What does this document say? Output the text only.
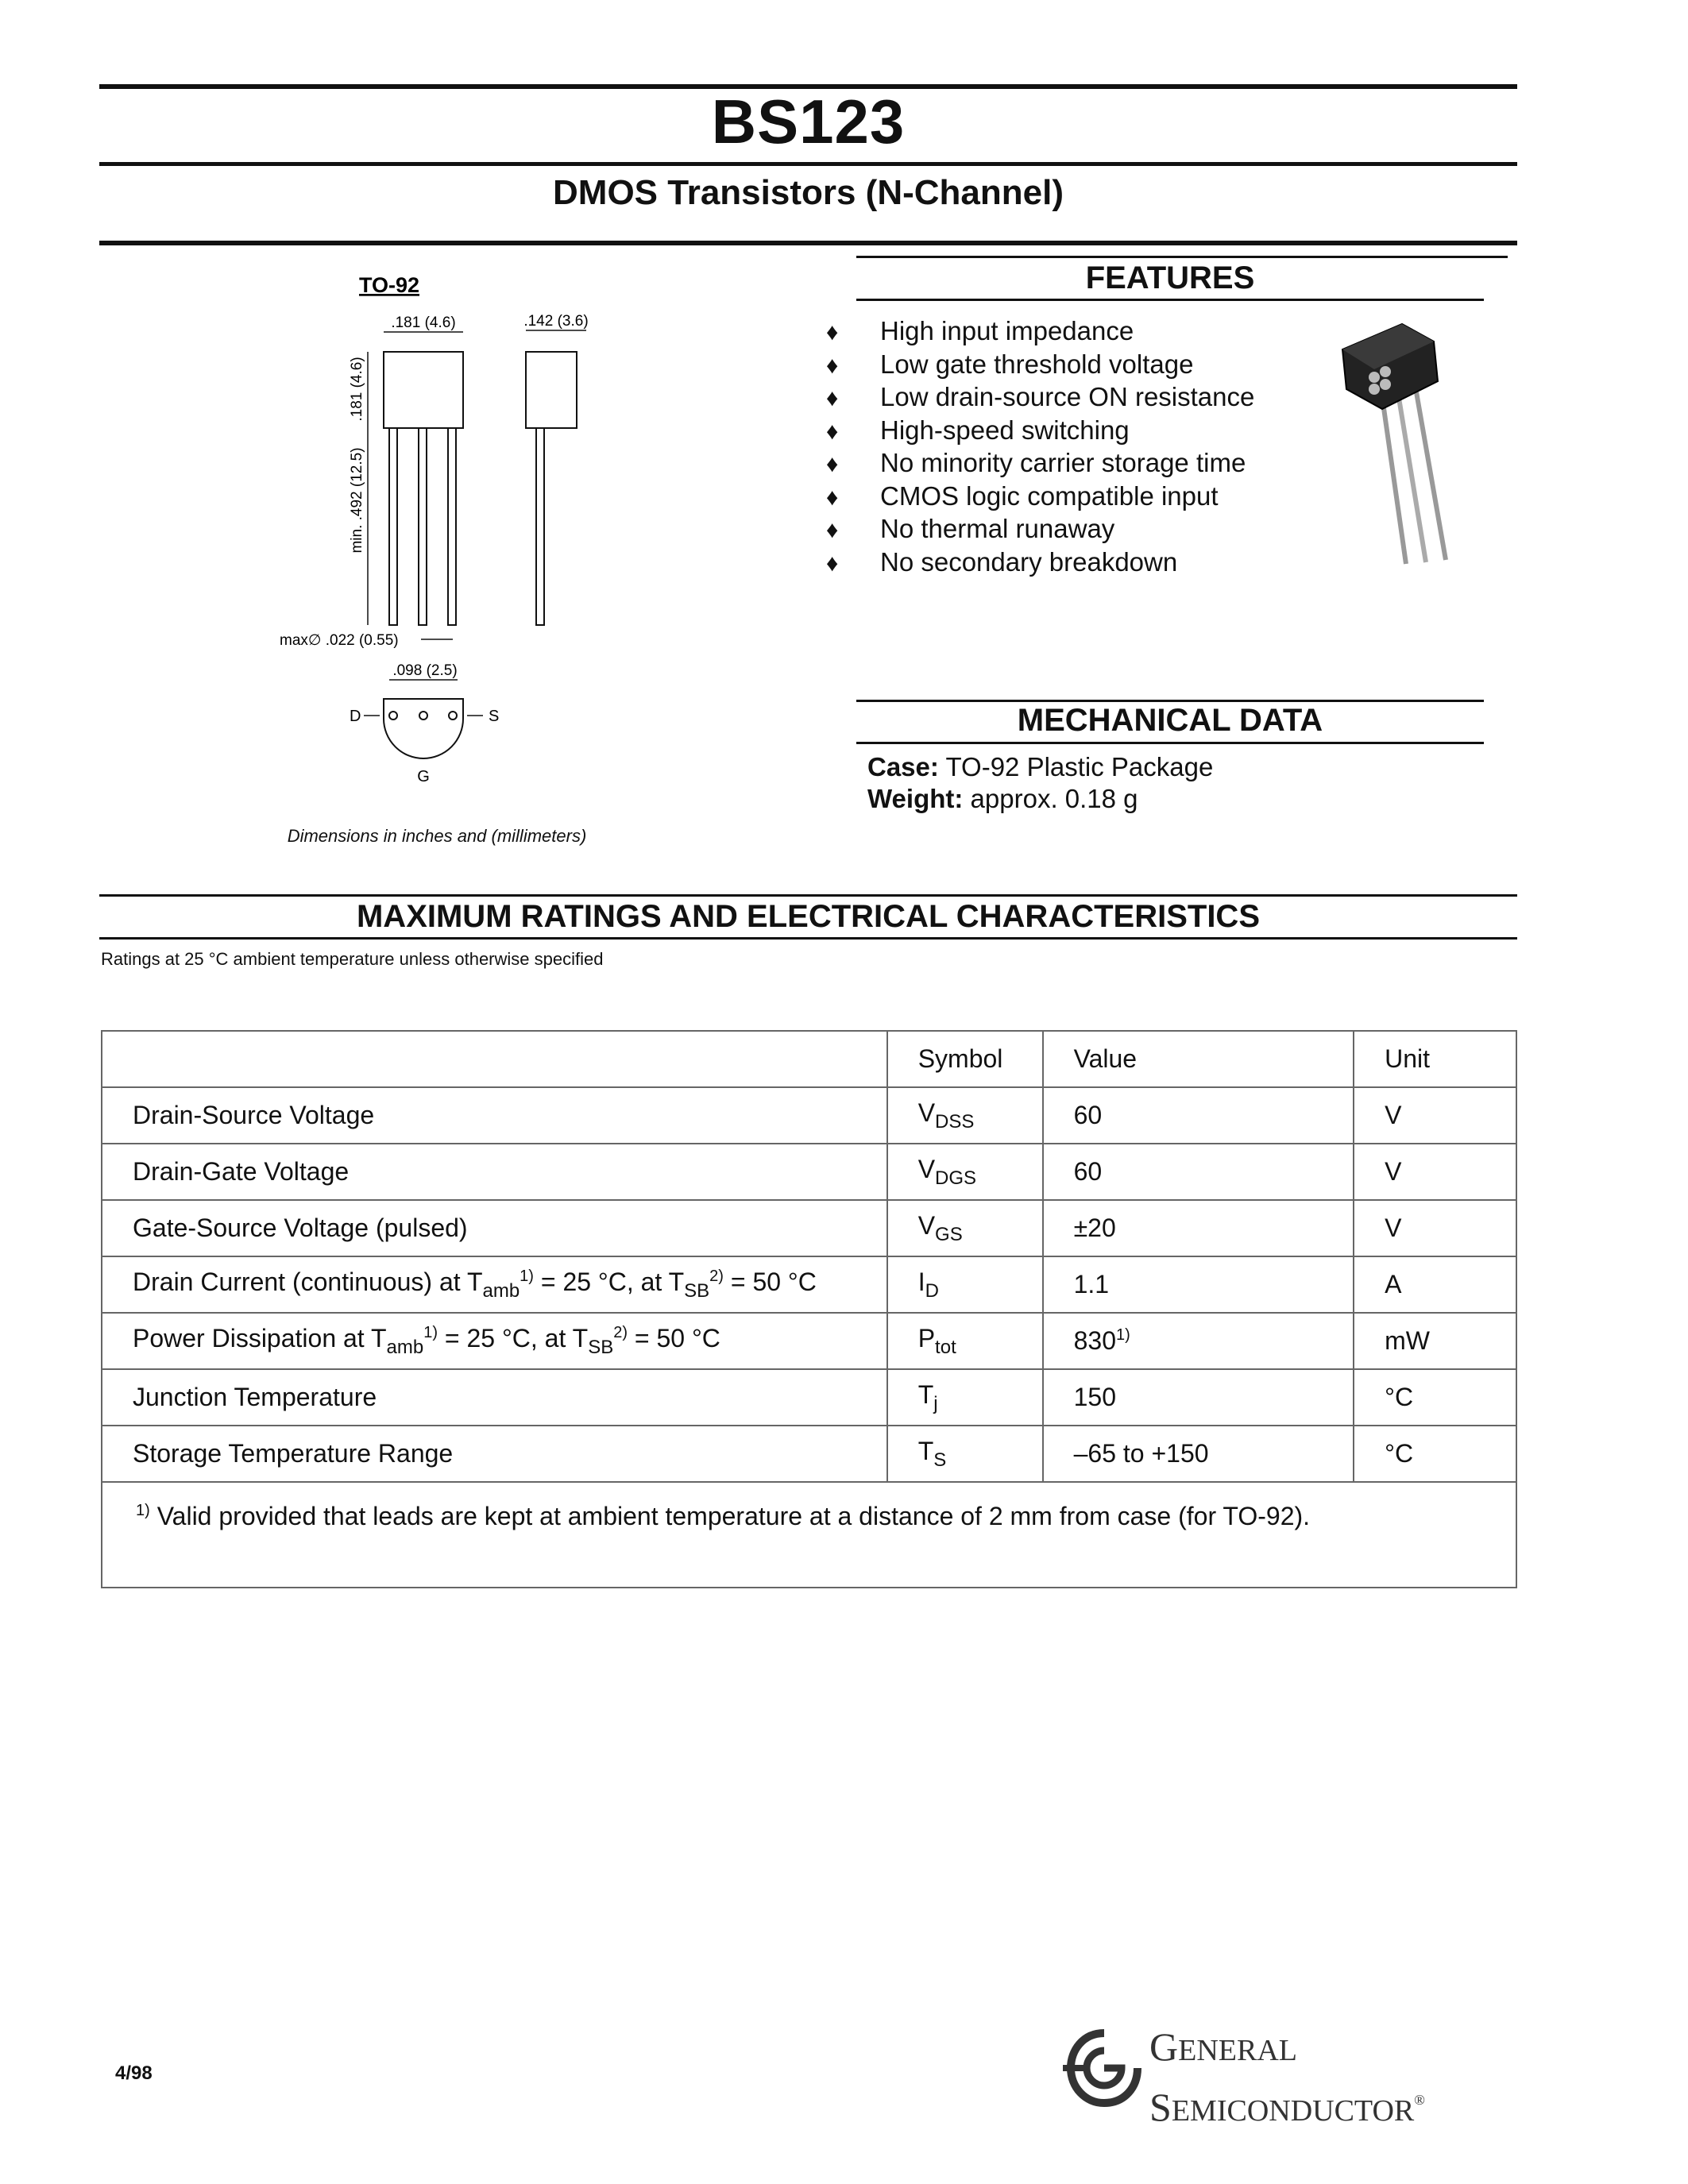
BS123
DMOS Transistors (N-Channel)
TO-92
.181 (4.6)	.142 (3.6)
.181 (4.6)
min. .492 (12.5)
max∅ .022 (0.55)
.098 (2.5)
D	S
G
Dimensions in inches and (millimeters)
FEATURES
♦ High input impedance
♦ Low gate threshold voltage
♦ Low drain-source ON resistance
♦ High-speed switching
♦ No minority carrier storage time
♦ CMOS logic compatible input
♦ No thermal runaway
♦ No secondary breakdown
MECHANICAL DATA
Case: TO-92 Plastic Package
Weight: approx. 0.18 g
MAXIMUM RATINGS AND ELECTRICAL CHARACTERISTICS
Ratings at 25 °C ambient temperature unless otherwise specified
	Symbol	Value	Unit
Drain-Source Voltage	$V_{DSS}$	60	V
Drain-Gate Voltage	$V_{DGS}$	60	V
Gate-Source Voltage (pulsed)	$V_{GS}$	±20	V
Drain Current (continuous) at $T_{amb}^{1)} = 25$ °C, at $T_{SB}^{2)} = 50$ °C	$I_D$	1.1	A
Power Dissipation at $T_{amb}^{1)} = 25$ °C, at $T_{SB}^{2)} = 50$ °C	$P_{tot}$	830$^{1)}$	mW
Junction Temperature	$T_j$	150	°C
Storage Temperature Range	$T_S$	–65 to +150	°C
$^{1)}$ Valid provided that leads are kept at ambient temperature at a distance of 2 mm from case (for TO-92).			
4/98
GENERAL
SEMICONDUCTOR®
